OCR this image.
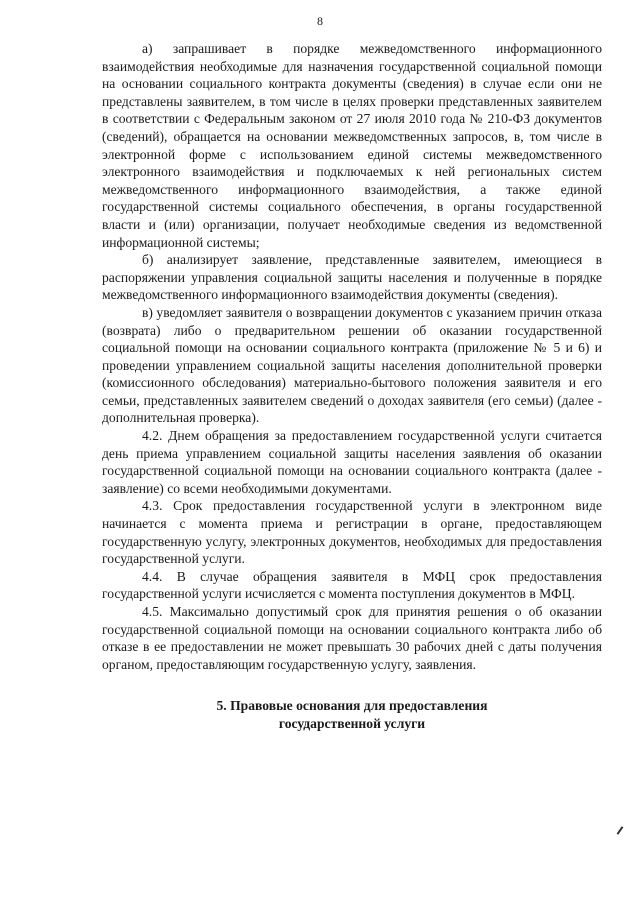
8

а) запрашивает в порядке межведомственного информационного взаимодействия необходимые для назначения государственной социальной помощи на основании социального контракта документы (сведения) в случае если они не представлены заявителем, в том числе в целях проверки представленных заявителем в соответствии с Федеральным законом от 27 июля 2010 года № 210-ФЗ документов (сведений), обращается на основании межведомственных запросов, в, том числе в электронной форме с использованием единой системы межведомственного электронного взаимодействия и подключаемых к ней региональных систем межведомственного информационного взаимодействия, а также единой государственной системы социального обеспечения, в органы государственной власти и (или) организации, получает необходимые сведения из ведомственной информационной системы;

б) анализирует заявление, представленные заявителем, имеющиеся в распоряжении управления социальной защиты населения и полученные в порядке межведомственного информационного взаимодействия документы (сведения).

в) уведомляет заявителя о возвращении документов с указанием причин отказа (возврата) либо о предварительном решении об оказании государственной социальной помощи на основании социального контракта (приложение № 5 и 6) и проведении управлением социальной защиты населения дополнительной проверки (комиссионного обследования) материально-бытового положения заявителя и его семьи, представленных заявителем сведений о доходах заявителя (его семьи) (далее - дополнительная проверка).

4.2. Днем обращения за предоставлением государственной услуги считается день приема управлением социальной защиты населения заявления об оказании государственной социальной помощи на основании социального контракта (далее - заявление) со всеми необходимыми документами.

4.3. Срок предоставления государственной услуги в электронном виде начинается с момента приема и регистрации в органе, предоставляющем государственную услугу, электронных документов, необходимых для предоставления государственной услуги.

4.4. В случае обращения заявителя в МФЦ срок предоставления государственной услуги исчисляется с момента поступления документов в МФЦ.

4.5. Максимально допустимый срок для принятия решения о об оказании государственной социальной помощи на основании социального контракта либо об отказе в ее предоставлении не может превышать 30 рабочих дней с даты получения органом, предоставляющим государственную услугу, заявления.

5. Правовые основания для предоставления
государственной услуги
